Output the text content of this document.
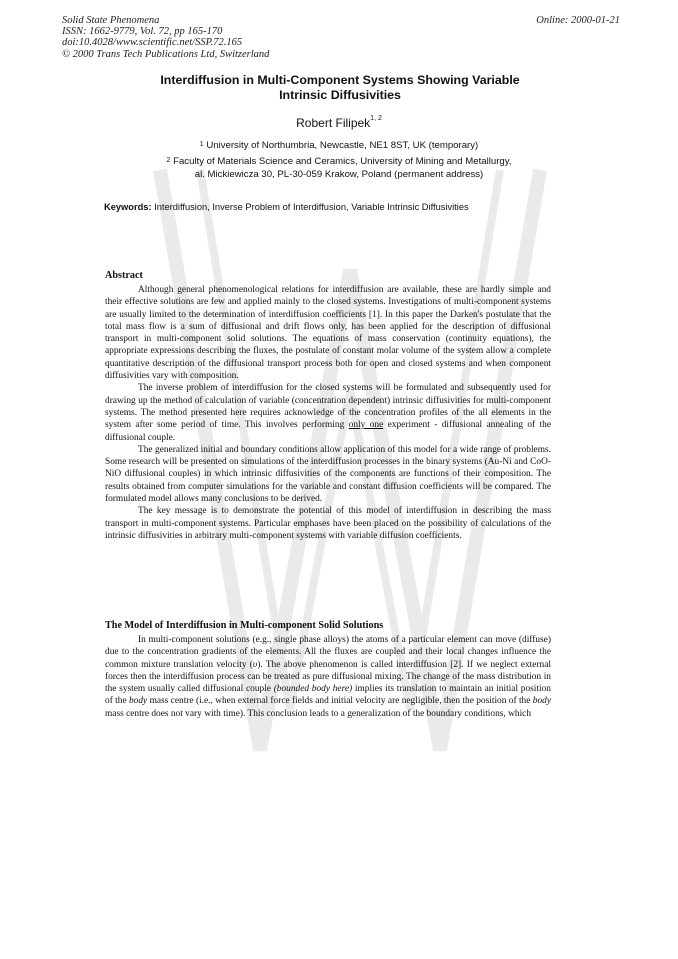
Solid State Phenomena
ISSN: 1662-9779, Vol. 72, pp 165-170
doi:10.4028/www.scientific.net/SSP.72.165
© 2000 Trans Tech Publications Ltd, Switzerland
Online: 2000-01-21
Interdiffusion in Multi-Component Systems Showing Variable
Intrinsic Diffusivities
Robert Filipek$^{1, 2}$
$^1$ University of Northumbria, Newcastle, NE1 8ST, UK (temporary)
$^2$ Faculty of Materials Science and Ceramics, University of Mining and Metallurgy,
al. Mickiewicza 30, PL-30-059 Krakow, Poland (permanent address)
Keywords: Interdiffusion, Inverse Problem of Interdiffusion, Variable Intrinsic Diffusivities
Abstract

Although general phenomenological relations for interdiffusion are available, these are hardly simple and their effective solutions are few and applied mainly to the closed systems. Investigations of multi-component systems are usually limited to the determination of interdiffusion coefficients [1]. In this paper the Darken's postulate that the total mass flow is a sum of diffusional and drift flows only, has been applied for the description of diffusional transport in multi-component solid solutions. The equations of mass conservation (continuity equations), the appropriate expressions describing the fluxes, the postulate of constant molar volume of the system allow a complete quantitative description of the diffusional transport process both for open and closed systems and when component diffusivities vary with composition.

The inverse problem of interdiffusion for the closed systems will be formulated and subsequently used for drawing up the method of calculation of variable (concentration dependent) intrinsic diffusivities for multi-component systems. The method presented here requires acknowledge of the concentration profiles of the all elements in the system after some period of time. This involves performing only one experiment - diffusional annealing of the diffusional couple.

The generalized initial and boundary conditions allow application of this model for a wide range of problems. Some research will be presented on simulations of the interdiffusion processes in the binary systems (Au-Ni and CoO-NiO diffusional couples) in which intrinsic diffusivities of the components are functions of their composition. The results obtained from computer simulations for the variable and constant diffusion coefficients will be compared. The formulated model allows many conclusions to be derived.

The key message is to demonstrate the potential of this model of interdiffusion in describing the mass transport in multi-component systems. Particular emphases have been placed on the possibility of calculations of the intrinsic diffusivities in arbitrary multi-component systems with variable diffusion coefficients.

The Model of Interdiffusion in Multi-component Solid Solutions

In multi-component solutions (e.g., single phase alloys) the atoms of a particular element can move (diffuse) due to the concentration gradients of the elements. All the fluxes are coupled and their local changes influence the common mixture translation velocity (υ). The above phenomenon is called interdiffusion [2]. If we neglect external forces then the interdiffusion process can be treated as pure diffusional mixing. The change of the mass distribution in the system usually called diffusional couple (bounded body here) implies its translation to maintain an initial position of the body mass centre (i.e., when external force fields and initial velocity are negligible, then the position of the body mass centre does not vary with time). This conclusion leads to a generalization of the boundary conditions, which
